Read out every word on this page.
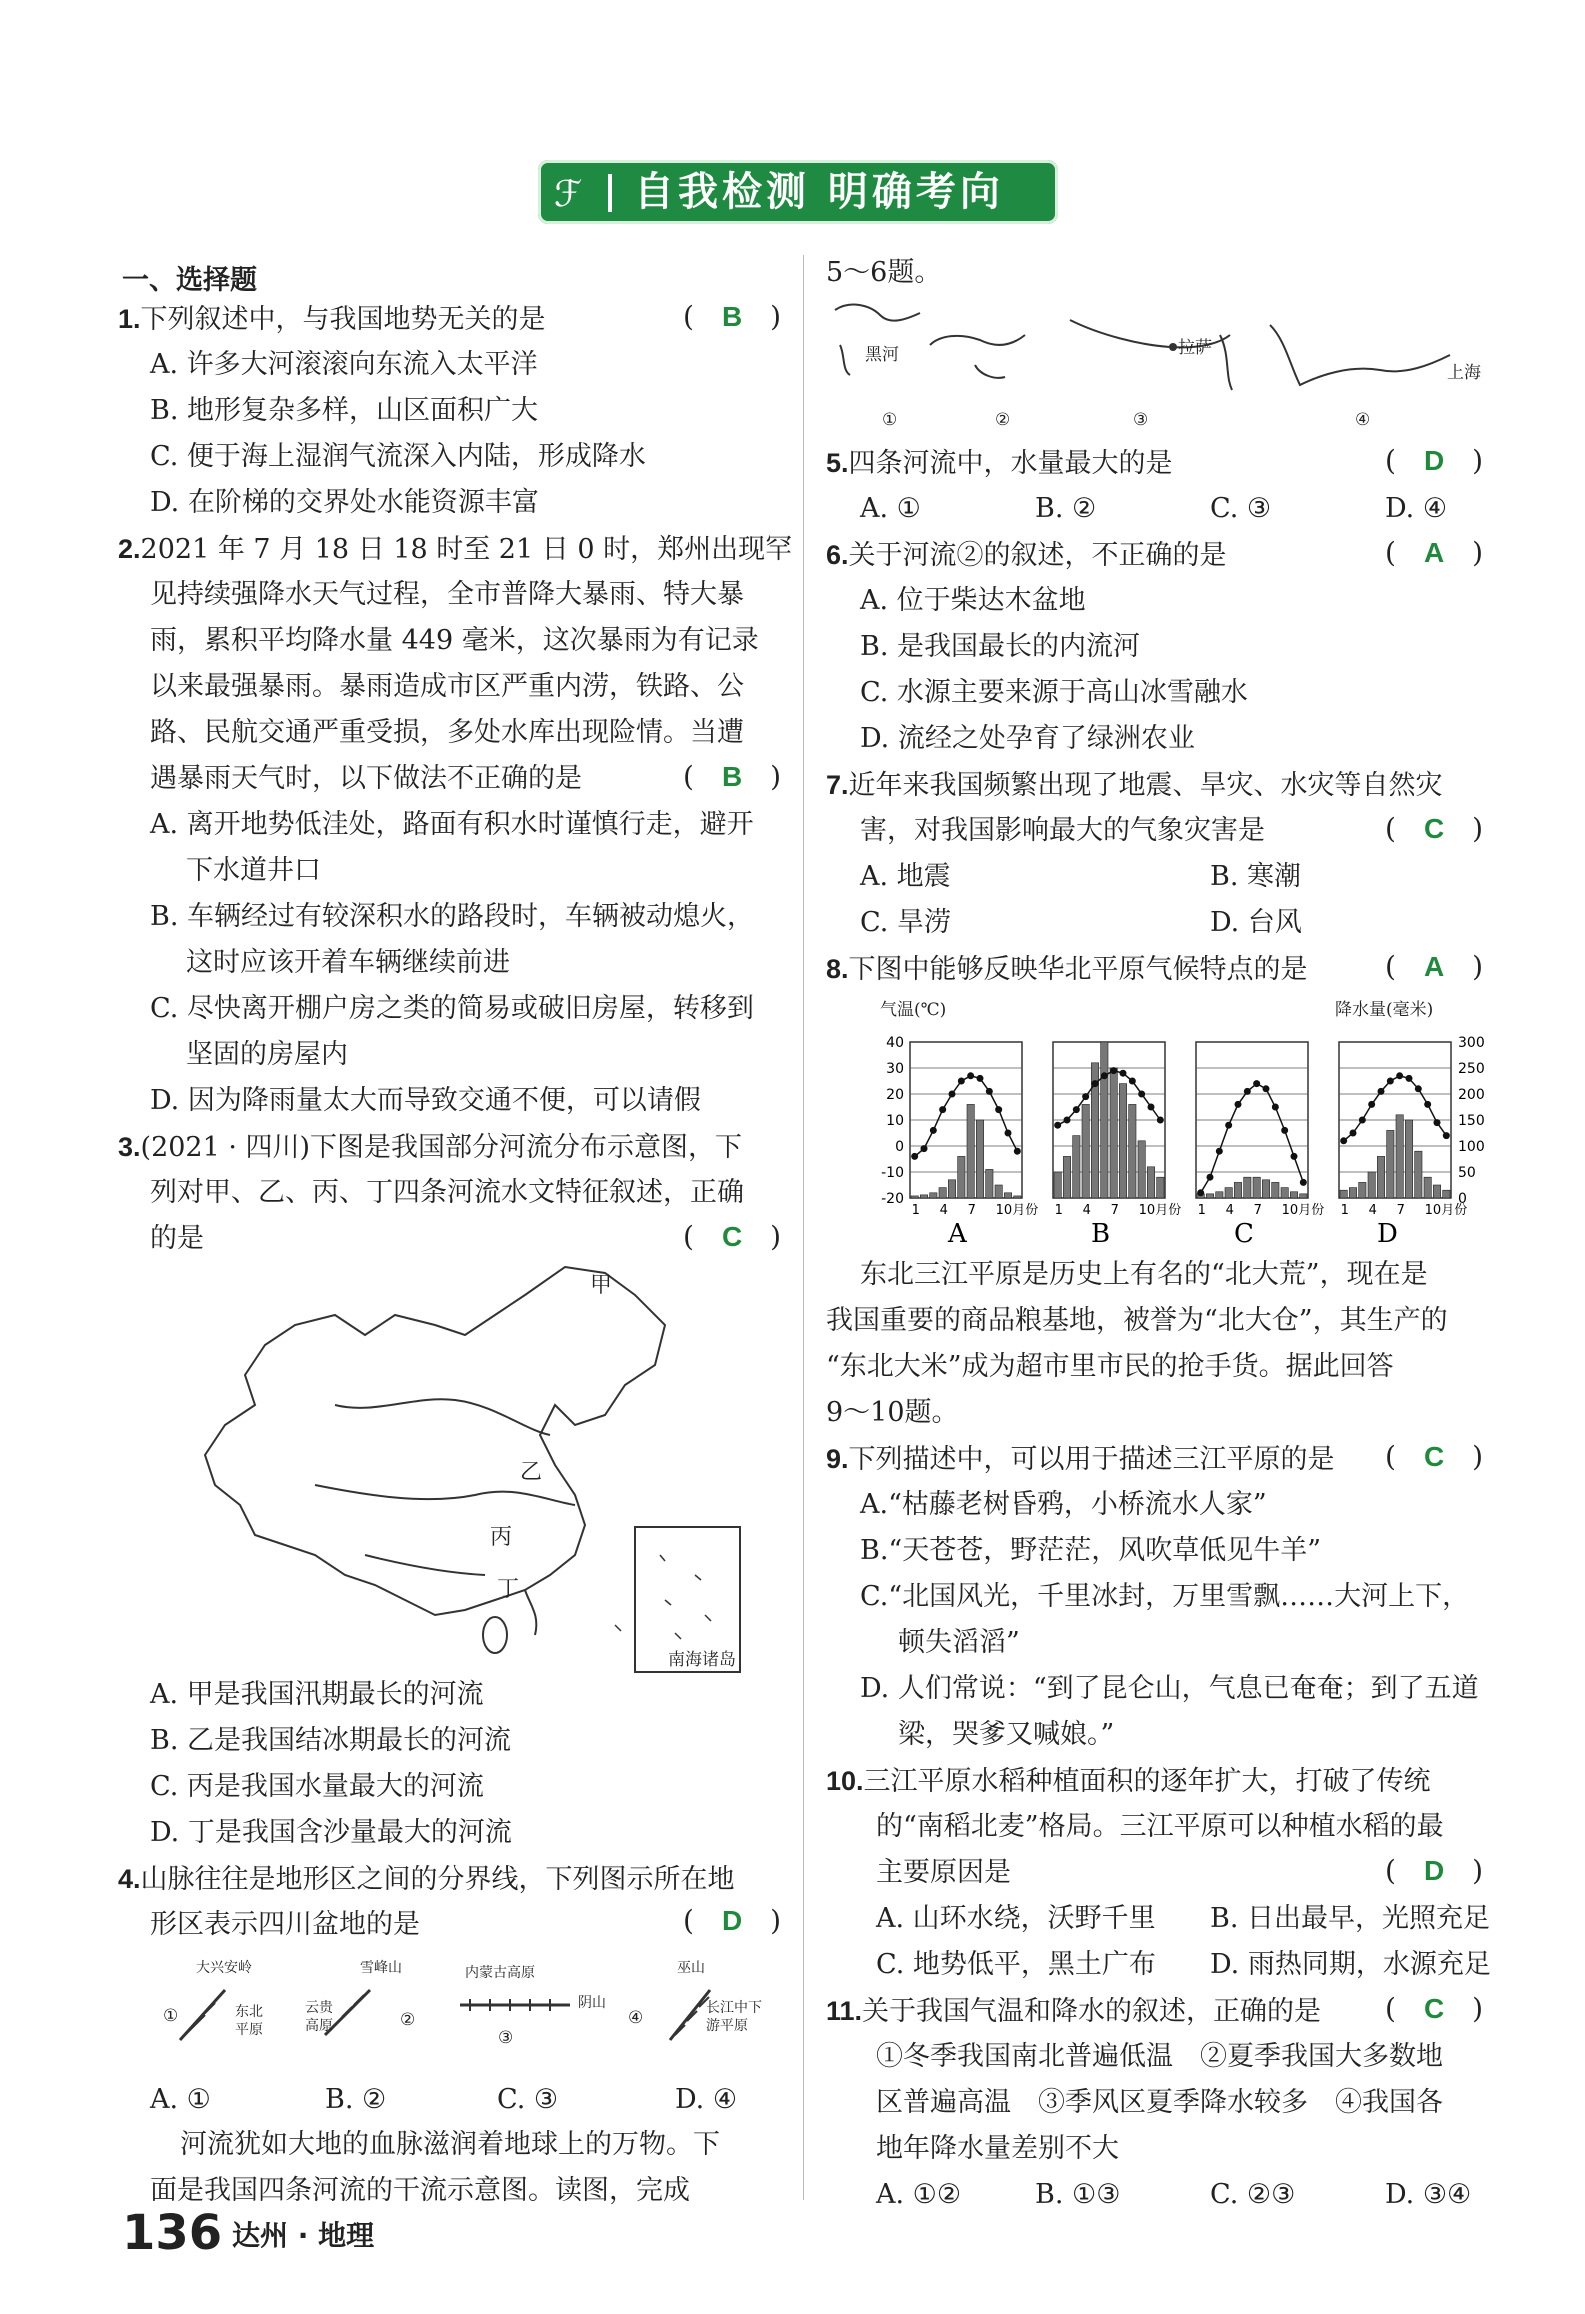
ℱ 自我检测 明确考向
一、选择题
1.下列叙述中，与我国地势无关的是	(　B　)
A. 许多大河滚滚向东流入太平洋
B. 地形复杂多样，山区面积广大
C. 便于海上湿润气流深入内陆，形成降水
D. 在阶梯的交界处水能资源丰富
2.2021 年 7 月 18 日 18 时至 21 日 0 时，郑州出现罕
见持续强降水天气过程，全市普降大暴雨、特大暴
雨，累积平均降水量 449 毫米，这次暴雨为有记录
以来最强暴雨。暴雨造成市区严重内涝，铁路、公
路、民航交通严重受损，多处水库出现险情。当遭
遇暴雨天气时，以下做法不正确的是	(　B　)
A. 离开地势低洼处，路面有积水时谨慎行走，避开
下水道井口
B. 车辆经过有较深积水的路段时，车辆被动熄火，
这时应该开着车辆继续前进
C. 尽快离开棚户房之类的简易或破旧房屋，转移到
坚固的房屋内
D. 因为降雨量太大而导致交通不便，可以请假
3.(2021 · 四川)下图是我国部分河流分布示意图，下
列对甲、乙、丙、丁四条河流水文特征叙述，正确
的是	(　C　)
甲
乙
丙
丁
南海诸岛
A. 甲是我国汛期最长的河流
B. 乙是我国结冰期最长的河流
C. 丙是我国水量最大的河流
D. 丁是我国含沙量最大的河流
4.山脉往往是地形区之间的分界线，下列图示所在地
形区表示四川盆地的是	(　D　)
大兴安岭
①	东北
平原
雪峰山
云贵
高原	②
内蒙古高原
③
阴山
巫山
④	长江中下
游平原
A. ①	B. ②	C. ③	D. ④
河流犹如大地的血脉滋润着地球上的万物。下
面是我国四条河流的干流示意图。读图，完成
5～6题。
黑河	拉萨
上海
①	②	③	④
5.四条河流中，水量最大的是	(　D　)
A. ①	B. ②	C. ③	D. ④
6.关于河流②的叙述，不正确的是	(　A　)
A. 位于柴达木盆地
B. 是我国最长的内流河
C. 水源主要来源于高山冰雪融水
D. 流经之处孕育了绿洲农业
7.近年来我国频繁出现了地震、旱灾、水灾等自然灾
害，对我国影响最大的气象灾害是	(　C　)
A. 地震	B. 寒潮
C. 旱涝	D. 台风
8.下图中能够反映华北平原气候特点的是	(　A　)
气温(℃)	降水量(毫米)
40
30
20
10
0
-10
-20
300
250
200
150
100
50
0
1 4 7 10月份
A
1 4 7 10月份
B
1 4 7 10月份
C
1 4 7 10月份
D
东北三江平原是历史上有名的“北大荒”，现在是
我国重要的商品粮基地，被誉为“北大仓”，其生产的
“东北大米”成为超市里市民的抢手货。据此回答
9～10题。
9.下列描述中，可以用于描述三江平原的是 (　C　)
A.“枯藤老树昏鸦，小桥流水人家”
B.“天苍苍，野茫茫，风吹草低见牛羊”
C.“北国风光，千里冰封，万里雪飘……大河上下，
顿失滔滔”
D. 人们常说：“到了昆仑山，气息已奄奄；到了五道
梁，哭爹又喊娘。”
10.三江平原水稻种植面积的逐年扩大，打破了传统
的“南稻北麦”格局。三江平原可以种植水稻的最
主要原因是	(　D　)
A. 山环水绕，沃野千里 B. 日出最早，光照充足
C. 地势低平，黑土广布 D. 雨热同期，水源充足
11.关于我国气温和降水的叙述，正确的是 (　C　)
①冬季我国南北普遍低温　②夏季我国大多数地
区普遍高温　③季风区夏季降水较多　④我国各
地年降水量差别不大
A. ①②	B. ①③	C. ②③	D. ③④
136 达州 · 地理
